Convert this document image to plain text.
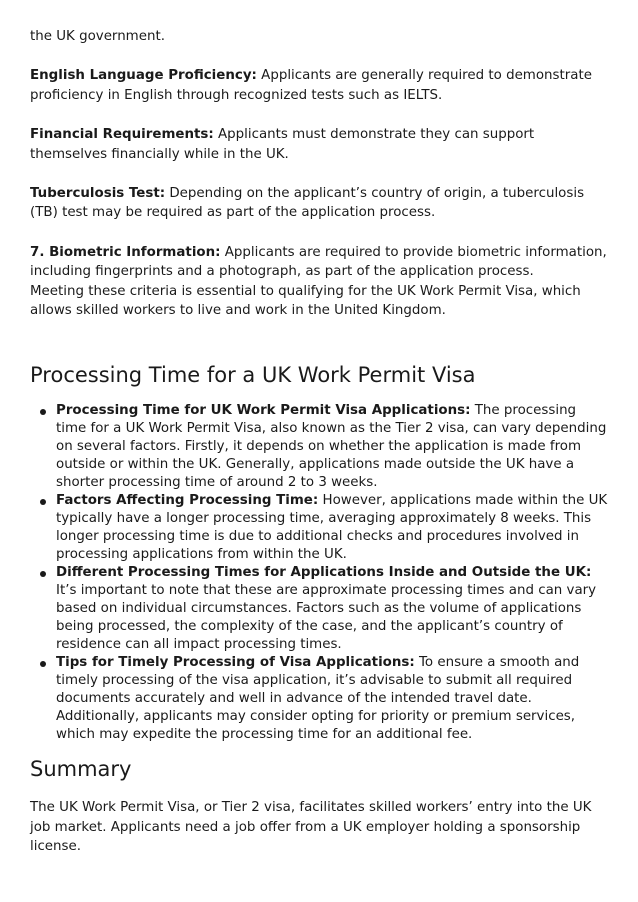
the UK government.

English Language Proficiency: Applicants are generally required to demonstrate proficiency in English through recognized tests such as IELTS.

Financial Requirements: Applicants must demonstrate they can support themselves financially while in the UK.

Tuberculosis Test: Depending on the applicant’s country of origin, a tuberculosis (TB) test may be required as part of the application process.

7. Biometric Information: Applicants are required to provide biometric information, including fingerprints and a photograph, as part of the application process.

Meeting these criteria is essential to qualifying for the UK Work Permit Visa, which allows skilled workers to live and work in the United Kingdom.

Processing Time for a UK Work Permit Visa
Processing Time for UK Work Permit Visa Applications: The processing time for a UK Work Permit Visa, also known as the Tier 2 visa, can vary depending on several factors. Firstly, it depends on whether the application is made from outside or within the UK. Generally, applications made outside the UK have a shorter processing time of around 2 to 3 weeks.
Factors Affecting Processing Time: However, applications made within the UK typically have a longer processing time, averaging approximately 8 weeks. This longer processing time is due to additional checks and procedures involved in processing applications from within the UK.
Different Processing Times for Applications Inside and Outside the UK: It’s important to note that these are approximate processing times and can vary based on individual circumstances. Factors such as the volume of applications being processed, the complexity of the case, and the applicant’s country of residence can all impact processing times.
Tips for Timely Processing of Visa Applications: To ensure a smooth and timely processing of the visa application, it’s advisable to submit all required documents accurately and well in advance of the intended travel date. Additionally, applicants may consider opting for priority or premium services, which may expedite the processing time for an additional fee.
Summary

The UK Work Permit Visa, or Tier 2 visa, facilitates skilled workers’ entry into the UK job market. Applicants need a job offer from a UK employer holding a sponsorship license.
